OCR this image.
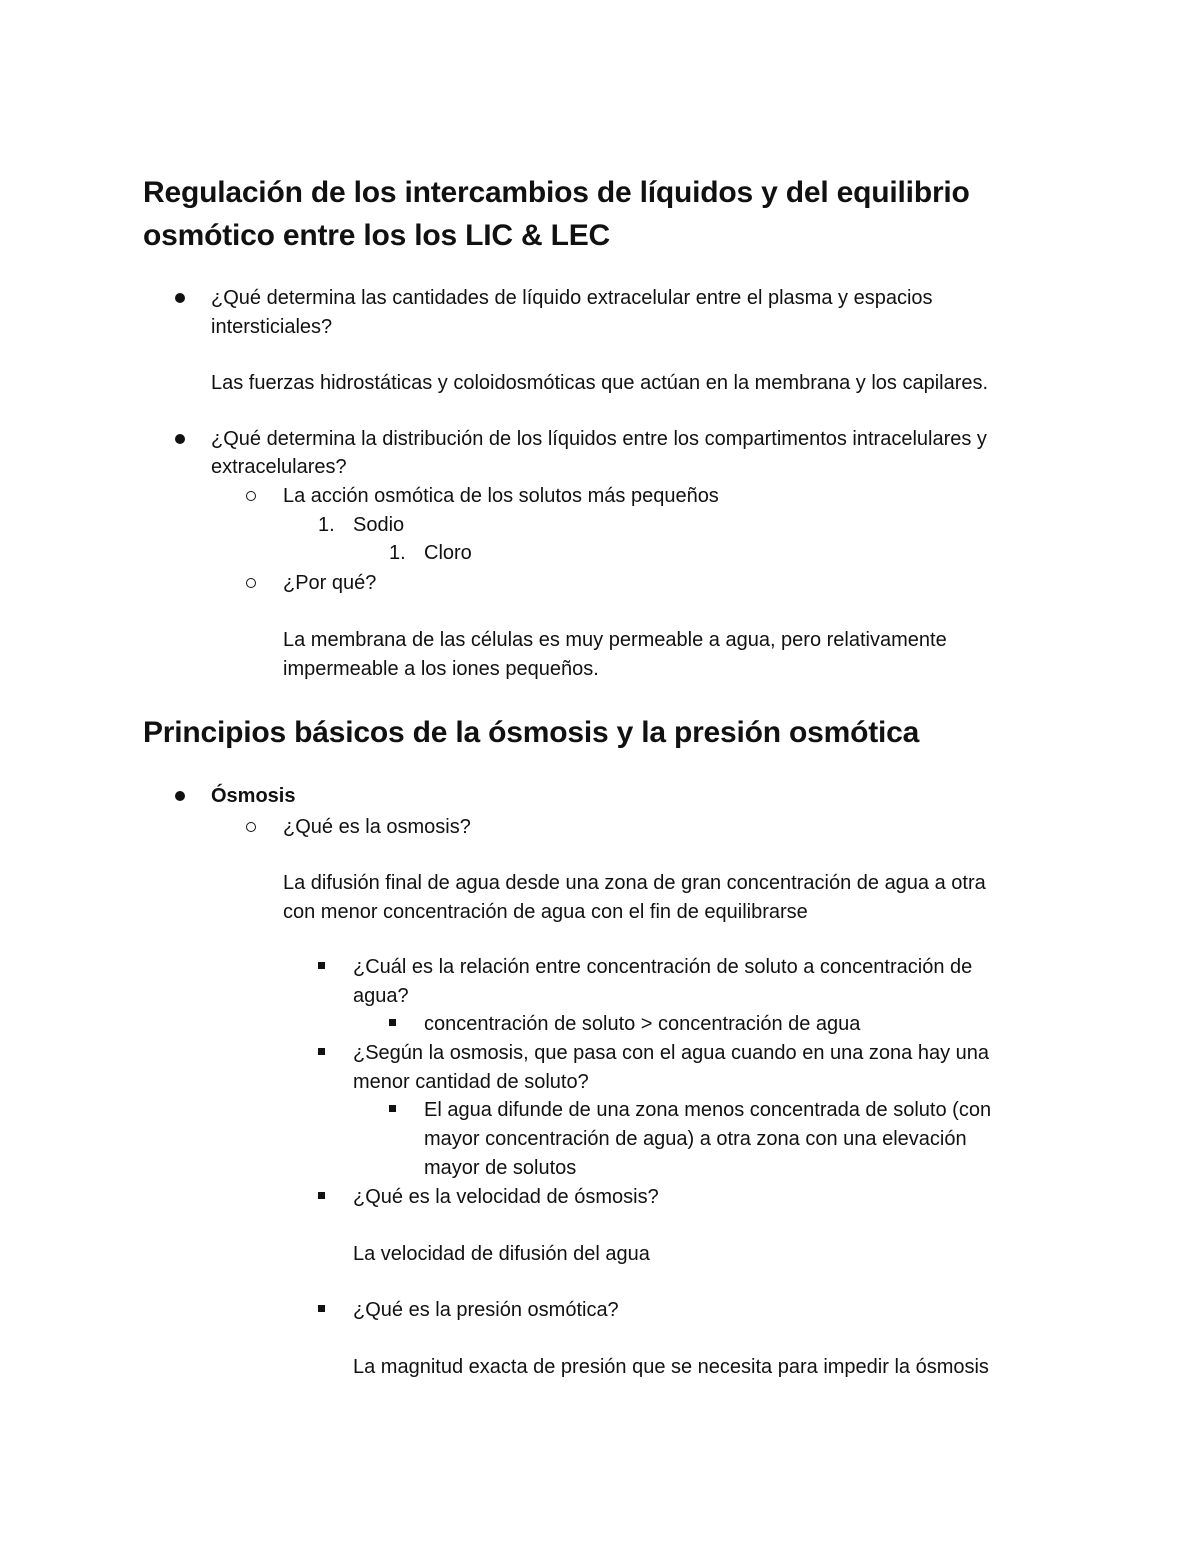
Regulación de los intercambios de líquidos y del equilibrio
osmótico entre los los LIC & LEC

¿Qué determina las cantidades de líquido extracelular entre el plasma y espacios

intersticiales?

Las fuerzas hidrostáticas y coloidosmóticas que actúan en la membrana y los capilares.

¿Qué determina la distribución de los líquidos entre los compartimentos intracelulares y

extracelulares?

La acción osmótica de los solutos más pequeños

1. Sodio

1. Cloro

¿Por qué?

La membrana de las células es muy permeable a agua, pero relativamente

impermeable a los iones pequeños.

Principios básicos de la ósmosis y la presión osmótica

Ósmosis

¿Qué es la osmosis?

La difusión final de agua desde una zona de gran concentración de agua a otra

con menor concentración de agua con el fin de equilibrarse

¿Cuál es la relación entre concentración de soluto a concentración de

agua?

concentración de soluto > concentración de agua

¿Según la osmosis, que pasa con el agua cuando en una zona hay una

menor cantidad de soluto?

El agua difunde de una zona menos concentrada de soluto (con

mayor concentración de agua) a otra zona con una elevación

mayor de solutos

¿Qué es la velocidad de ósmosis?

La velocidad de difusión del agua

¿Qué es la presión osmótica?

La magnitud exacta de presión que se necesita para impedir la ósmosis
